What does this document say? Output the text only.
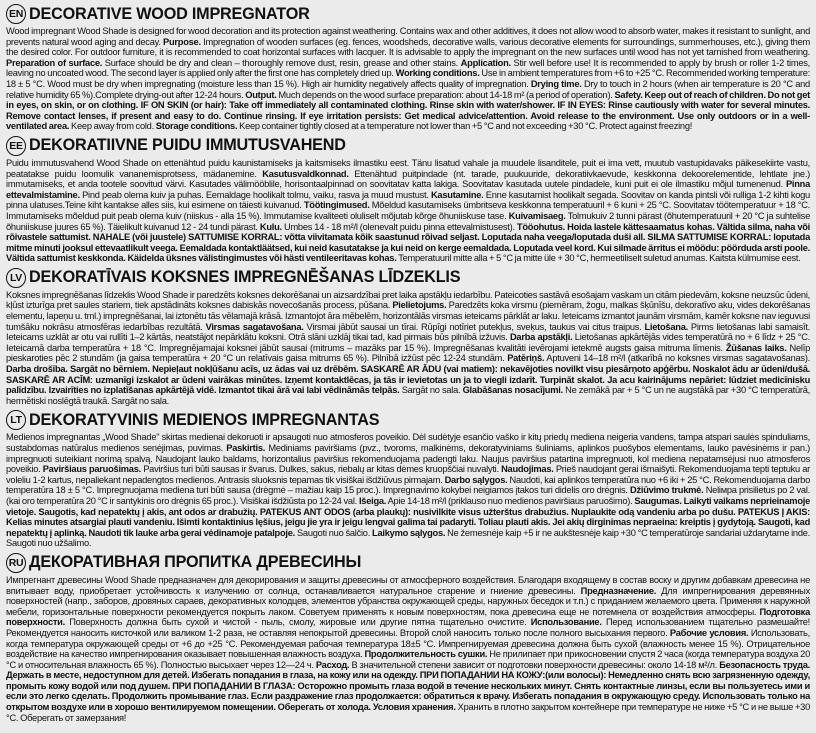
EN DECORATIVE WOOD IMPREGNATOR
Wood impregnant Wood Shade is designed for wood decoration and its protection against weathering. Contains wax and other additives, it does not allow wood to absorb water, makes it resistant to sunlight, and prevents natural wood aging and decay. Purpose. Impregnation of wooden surfaces (eg. fences, woodsheds, decorative walls, various decorative elements for surroundings, summerhouses, etc.), giving them the desired color. For outdoor furniture, it is recommended to coat horizontal surfaces with lacquer. It is advisable to apply the impregnant on the new surfaces until wood has not yet tarnished from weathering. Preparation of surface. Surface should be dry and clean – thoroughly remove dust, resin, grease and other stains. Application. Stir well before use! It is recommended to apply by brush or roller 1-2 times, leaving no uncoated wood. The second layer is applied only after the first one has completely dried up. Working conditions. Use in ambient temperatures from +6 to +25 °C. Recommended working temperature: 18 ± 5 °C. Wood must be dry when impregnating (moisture less than 15 %). High air humidity negatively affects quality of impregnation. Drying time. Dry to touch in 2 hours (when air temperature is 20 °C and relative humidity 65 %).Complete drying-out after 12-24 hours. Output. Much depends on the wood surface preparation: about 14-18 m² (a period of operation). Safety. Keep out of reach of children. Do not get in eyes, on skin, or on clothing. IF ON SKIN (or hair): Take off immediately all contaminated clothing. Rinse skin with water/shower. IF IN EYES: Rinse cautiously with water for several minutes. Remove contact lenses, if present and easy to do. Continue rinsing. If eye irritation persists: Get medical advice/attention. Avoid release to the environment. Use only outdoors or in a well-ventilated area. Keep away from cold. Storage conditions. Keep container tightly closed at a temperature not lower than +5 °C and not exceeding +30 °C. Protect against freezing!
EE DEKORATIIVNE PUIDU IMMUTUSVAHEND
Puidu immutusvahend Wood Shade on ettenähtud puidu kaunistamiseks ja kaitsmiseks ilmastiku eest. Tänu lisatud vahale ja muudele lisanditele, puit ei ima vett, muutub vastupidavaks päikesekiirte vastu, peatatakse puidu loomulik vananemisprotsess, mädanemine. Kasutusvaldkonnad. Ettenähtud puitpindade (nt. tarade, puukuuride, dekoratiivkaevude, keskkonna dekoorelementide, lehtlate jne.) immutamiseks, et anda tootele soovitud värvi. Kasutades välimööblile, horisontaalpinnad on soovitatav katta lakiga. Soovitatav kasutada uutele pindadele, kuni puit ei ole ilmastiku mõjul tumenenud. Pinna ettevalmistamine. Pind peab olema kuiv ja puhas. Eemaldage hoolikalt tolmu, vaiku, rasva ja muud mustust. Kasutamine. Enne kasutamist hoolikalt segada. Soovitav on kanda pintsli või rulliga 1-2 kihti kogu pinna ulatuses.Teine kiht kantakse alles siis, kui esimene on täiesti kuivanud. Töötingimused. Mõeldud kasutamiseks ümbritseva keskkonna temperatuuril + 6 kuni + 25 °C. Soovitatav töötemperatuur + 18 °C. Immutamiseks mõeldud puit peab olema kuiv (niiskus - alla 15 %). Immutamise kvaliteeti oluliselt mõjutab kõrge õhuniiskuse tase. Kuivamisaeg. Tolmukuiv 2 tunni pärast (õhutemperatuuril + 20 °C ja suhtelise õhuniiskuse juures 65 %). Täielikult kuivanud 12 - 24 tundi pärast. Kulu. Umbes 14 - 18 m²/l (olenevalt puidu pinna ettevalmistusest). Tööohutus. Hoida lastele kättesaamatus kohas. Vältida silma, naha või rõivastele sattumist. NAHALE (või juustele) SATTUMISE KORRAL: võtta viivitamata kõik saastunud rõivad seljast. Loputada naha veega/loputada duši all. SILMA SATTUMISE KORRAL: loputada mitme minuti jooksul ettevaatlikult veega. Eemaldada kontaktläätsed, kui neid kasutatakse ja kui neid on kerge eemaldada. Loputada veel kord. Kui silmade ärritus ei möödu: pöörduda arsti poole. Vältida sattumist keskkonda. Käidelda üksnes välistingimustes või hästi ventileeritavas kohas. Temperatuuril mitte alla + 5 °C ja mitte üle + 30 °C, hermeetiliselt suletud anumas. Kaitsta külmumise eest.
LV DEKORATĪVAIS KOKSNES IMPREGNĒŠANAS LĪDZEKLIS
Koksnes impregnēšanas līdzeklis Wood Shade ir paredzēts koksnes dekorēšanai un aizsardzībai pret laika apstākļu iedarbību. Pateicoties sastāvā esošajam vaskam un citām piedevām, koksne neuzsūc ūdeni, kļūst izturīga pret saules stariem, tiek apstādināts koksnes dabiskās novecošanās process, pūšana. Pielietojums. Paredzēts koka virsmu (piemēram, žogu, malkas šķūnīšu, dekoratīvo aku, vides dekorēšanas elementu, lapeņu u. tml.) impregnēšanai, lai iztonētu tās vēlamajā krāsā. Izmantojot āra mēbelēm, horizontālās virsmas ieteicams pārklāt ar laku. Ieteicams izmantot jaunām virsmām, kamēr koksne nav ieguvusi tumšāku nokrāsu atmosfēras iedarbības rezultātā. Virsmas sagatavošana. Virsmai jābūt sausai un tīrai. Rūpīgi notīriet putekļus, sveķus, taukus vai citus traipus. Lietošana. Pirms lietošanas labi samaisīt. Ieteicams uzklāt ar otu vai rullīti 1–2 kārtās, neatstājot nepārklātu koksni. Otrā slāni uzklāj tikai tad, kad pirmais būs pilnībā izžuvis. Darba apstākļi. Lietošanas apkārtējās vides temperatūrā no + 6 līdz + 25 °C. Ieteicamā darba temperatūra + 18 °C. Impregnējamajai koksnei jābūt sausai (mitrums – mazāks par 15 %). Impregnēšanas kvalitāti ievērojami ietekmē augsts gaisa mitruma līmenis. Žūšanas laiks. Nelīp pieskaroties pēc 2 stundām (ja gaisa temperatūra + 20 °C un relatīvais gaisa mitrums 65 %). Pilnībā izžūst pēc 12-24 stundām. Patēriņš. Aptuveni 14–18 m²/l (atkarībā no koksnes virsmas sagatavošanas). Darba drošība. Sargāt no bērniem. Nepieļaut nokļūšanu acīs, uz ādas vai uz drēbēm. SASKARĒ AR ĀDU (vai matiem): nekavējoties novilkt visu piesārņoto apģērbu. Noskalot ādu ar ūdeni/dušā. SASKARĒ AR ACĪM: uzmanīgi izskalot ar ūdeni vairākas minūtes. Izņemt kontaktlēcas, ja tās ir ievietotas un ja to viegli izdarīt. Turpināt skalot. Ja acu kairinājums nepāriet: lūdziet medicīnisku palīdzību. Izvairīties no izplatīšanas apkārtējā vidē. Izmantot tikai ārā vai labi vēdināmās telpās. Sargāt no sala. Glabāšanas nosacījumi. Ne zemākā par + 5 °C un ne augstākā par +30 °C temperatūrā, hermētiski noslēgtā traukā. Sargāt no sala.
LT DEKORATYVINIS MEDIENOS IMPREGNANTAS
Medienos impregnantas „Wood Shade" skirtas medienai dekoruoti ir apsaugoti nuo atmosferos poveikio. Dėl sudėtyje esančio vaško ir kitų priedų mediena neigeria vandens, tampa atspari saulės spinduliams, sustabdomas natūralus medienos senėjimas, puvimas. Paskirtis. Mediniams paviršiams (pvz., tvoroms, malkinėms, dekoratyviniams šuliniams, aplinkos puošybos elementams, lauko pavėsinėms ir pan.) impregnuoti suteikiant norimą spalvą. Naudojant lauko baldams, horizontalius paviršius rekomenduojama padengti laku. Naujus paviršius patartina impregnuoti, kol mediena nepatamsėjusi nuo atmosferos poveikio. Paviršiaus paruošimas. Paviršius turi būti sausas ir švarus. Dulkes, sakus, riebalų ar kitas dėmes kruopščiai nuvalyti. Naudojimas. Prieš naudojant gerai išmaišyti. Rekomenduojama tepti teptuku ar voleliu 1-2 kartus, nepaliekant nepadengtos medienos. Antrasis sluoksnis tepamas tik visiškai išdžiūvus pirmajam. Darbo sąlygos. Naudoti, kai aplinkos temperatūra nuo +6 iki + 25 °C. Rekomenduojama darbo temperatūra 18 ± 5 °C. Impregnuojama mediena turi būti sausa (drėgmė – mažiau kaip 15 proc.). Impregnavimo kokybei neigiamos įtakos turi didelis oro drėgnis. Džiūvimo trukmė. Neliмpa prisilietus po 2 val. (kai oro temperatūra 20 °C ir santykinis oro drėgnis 65 proc.). Visiškai išdžiūsta po 12-24 val. Išeiga. Apie 14-18 m²/l (priklauso nuo medienos paviršiaus paruošimo). Saugumas. Laikyti vaikams neprieinamoje vietoje. Saugotis, kad nepatektų į akis, ant odos ar drabužių. PATEKUS ANT ODOS (arba plaukų): nusivilkite visus užterštus drabužius. Nuplaukite odą vandeniu arba po dušu. PATEKUS Į AKIS: Kelias minutes atsargiai plauti vandeniu. Išimti kontaktinius lęšius, jeigu jie yra ir jeigu lengvai galima tai padaryti. Toliau plauti akis. Jei akių dirginimas nepraeina: kreiptis į gydytoją. Saugoti, kad nepatektų į aplinką. Naudoti tik lauke arba gerai vėdinamoje patalpoje. Saugoti nuo šalčio. Laikymo sąlygos. Ne žemesnėje kaip +5 ir ne aukštesnėje kaip +30 °C temperatūroje sandariai uždarytame inde. Saugoti nuo užšalimo.
RU ДЕКОРАТИВНАЯ ПРОПИТКА ДРЕВЕСИНЫ
Импрегнант древесины Wood Shade предназначен для декорирования и защиты древесины от атмосферного воздействия. Благодаря входящему в состав воску и другим добавкам древесина не впитывает воду, приобретает устойчивость к излучению от солнца, останавливается натуральное старение и гниение древесины. Предназначение. Для импрегнирования деревянных поверхностей (напр., заборов, дровяных сараев, декоративных колодцев, элементов убранства окружающей среды, наружных беседок и т.п.) с приданием желаемого цвета. Применяя к наружной мебели, горизонтальные поверхности рекомендуется покрыть лаком. Советуем применять к новым поверхностям, пока древесина еще не потемнела от воздействия атмосферы. Подготовка поверхности. Поверхность должна быть сухой и чистой - пыль, смолу, жировые или другие пятна тщательно очистите. Использование. Перед использованием тщательно размешайте! Рекомендуется наносить кисточкой или валиком 1-2 раза, не оставляя непокрытой древесины. Второй слой наносить только после полного высыхания первого. Рабочие условия. Использовать, когда температура окружающей среды от +6 до +25 °C. Рекомендуемая рабочая температура 18±5 °C. Импрегнируемая древесина должна быть сухой (влажность менее 15 %). Отрицательное воздействие на качество импрегнирования оказывает повышенная влажность воздуха. Продолжительность сушки. Не прилипает при прикосновении спустя 2 часа (когда температура воздуха 20 °C и относительная влажность 65 %). Полностью высыхает через 12—24 ч. Расход. В значительной степени зависит от подготовки поверхности древесины: около 14-18 м²/л. Безопасность труда. Держать в месте, недоступном для детей. Избегать попадания в глаза, на кожу или на одежду. ПРИ ПОПАДАНИИ НА КОЖУ:(или волосы): Немедленно снять всю загрязненную одежду, промыть кожу водой или под душем. ПРИ ПОПАДАНИИ В ГЛАЗА: Осторожно промыть глаза водой в течение нескольких минут. Снять контактные линзы, если вы пользуетесь ими и если это легко сделать. Продолжить промывание глаз. Если раздражение глаз продолжается: обратиться к врачу. Избегать попадания в окружающую среду. Использовать только на открытом воздухе или в хорошо вентилируемом помещении. Оберегать от холода. Условия хранения. Хранить в плотно закрытом контейнере при температуре не ниже +5 °C и не выше +30 °C. Оберегать от замерзания!
